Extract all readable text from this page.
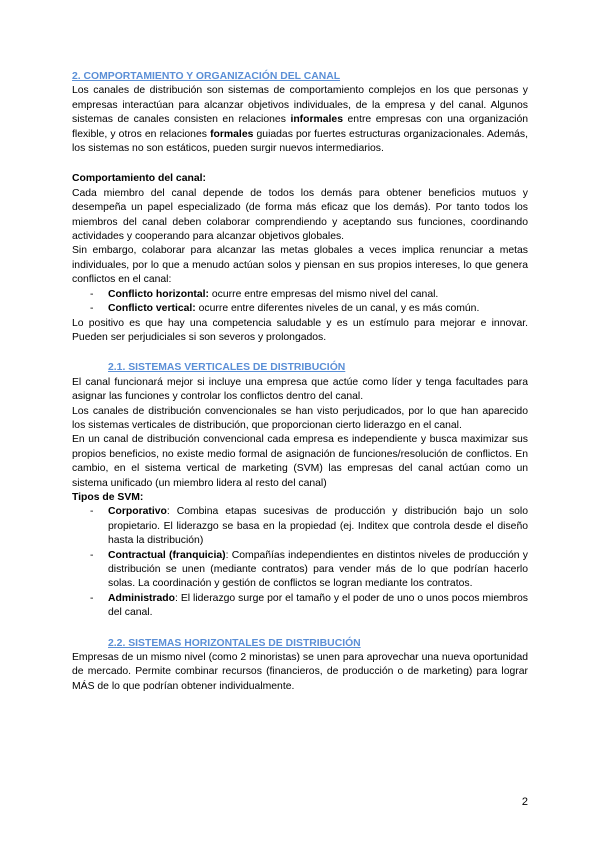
2. COMPORTAMIENTO Y ORGANIZACIÓN DEL CANAL

Los canales de distribución son sistemas de comportamiento complejos en los que personas y empresas interactúan para alcanzar objetivos individuales, de la empresa y del canal. Algunos sistemas de canales consisten en relaciones informales entre empresas con una organización flexible, y otros en relaciones formales guiadas por fuertes estructuras organizacionales. Además, los sistemas no son estáticos, pueden surgir nuevos intermediarios.

Comportamiento del canal:

Cada miembro del canal depende de todos los demás para obtener beneficios mutuos y desempeña un papel especializado (de forma más eficaz que los demás). Por tanto todos los miembros del canal deben colaborar comprendiendo y aceptando sus funciones, coordinando actividades y cooperando para alcanzar objetivos globales.

Sin embargo, colaborar para alcanzar las metas globales a veces implica renunciar a metas individuales, por lo que a menudo actúan solos y piensan en sus propios intereses, lo que genera conflictos en el canal:

- Conflicto horizontal: ocurre entre empresas del mismo nivel del canal.
- Conflicto vertical: ocurre entre diferentes niveles de un canal, y es más común.

Lo positivo es que hay una competencia saludable y es un estímulo para mejorar e innovar. Pueden ser perjudiciales si son severos y prolongados.

2.1. SISTEMAS VERTICALES DE DISTRIBUCIÓN

El canal funcionará mejor si incluye una empresa que actúe como líder y tenga facultades para asignar las funciones y controlar los conflictos dentro del canal.

Los canales de distribución convencionales se han visto perjudicados, por lo que han aparecido los sistemas verticales de distribución, que proporcionan cierto liderazgo en el canal.

En un canal de distribución convencional cada empresa es independiente y busca maximizar sus propios beneficios, no existe medio formal de asignación de funciones/resolución de conflictos. En cambio, en el sistema vertical de marketing (SVM) las empresas del canal actúan como un sistema unificado (un miembro lidera al resto del canal)

Tipos de SVM:

- Corporativo: Combina etapas sucesivas de producción y distribución bajo un solo propietario. El liderazgo se basa en la propiedad (ej. Inditex que controla desde el diseño hasta la distribución)
- Contractual (franquicia): Compañías independientes en distintos niveles de producción y distribución se unen (mediante contratos) para vender más de lo que podrían hacerlo solas. La coordinación y gestión de conflictos se logran mediante los contratos.
- Administrado: El liderazgo surge por el tamaño y el poder de uno o unos pocos miembros del canal.

2.2. SISTEMAS HORIZONTALES DE DISTRIBUCIÓN

Empresas de un mismo nivel (como 2 minoristas) se unen para aprovechar una nueva oportunidad de mercado. Permite combinar recursos (financieros, de producción o de marketing) para lograr MÁS de lo que podrían obtener individualmente.

2
